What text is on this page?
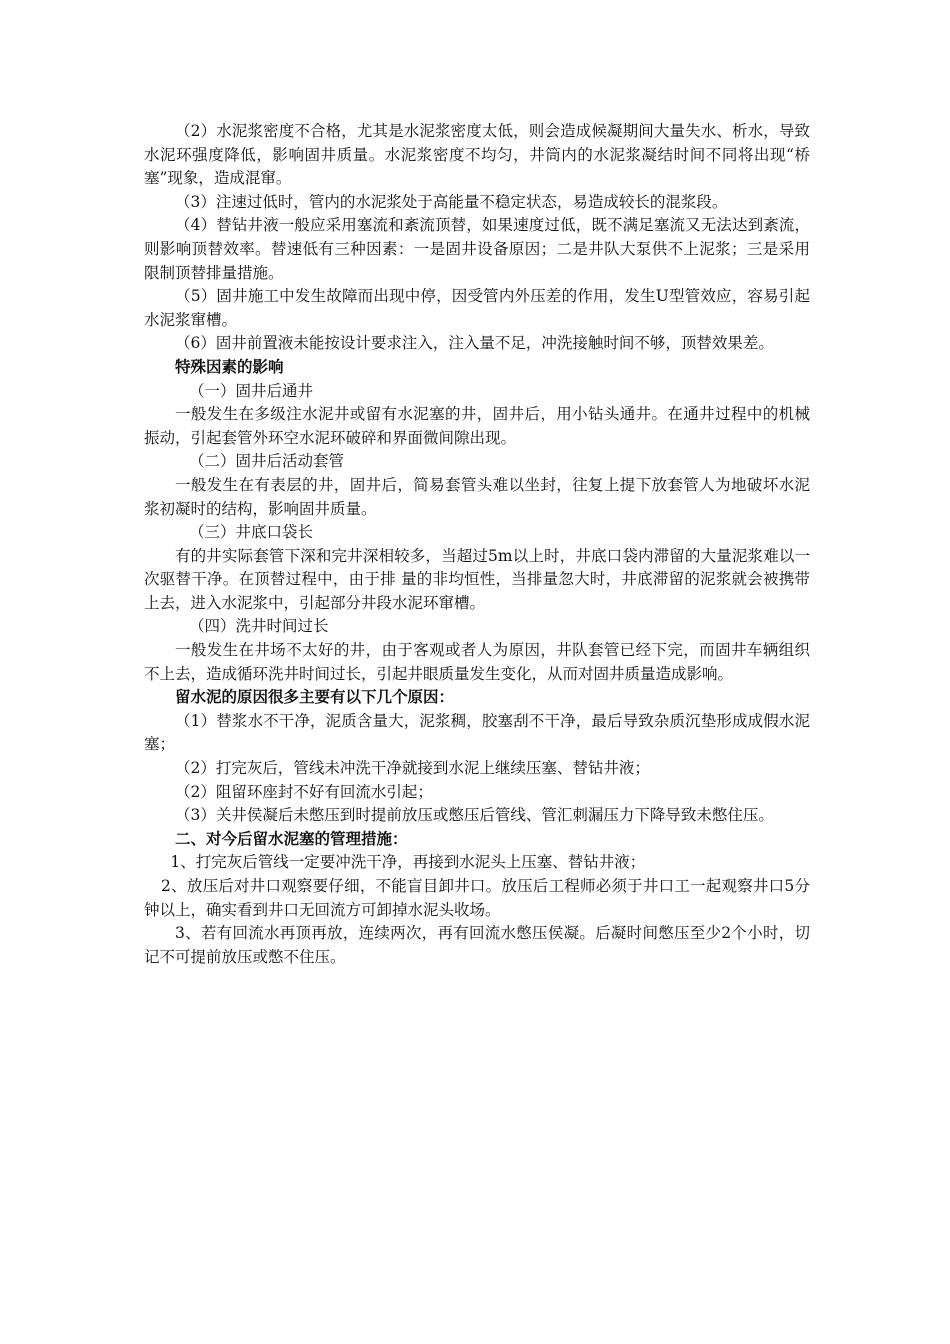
（2）水泥浆密度不合格，尤其是水泥浆密度太低，则会造成候凝期间大量失水、析水，导致水泥环强度降低，影响固井质量。水泥浆密度不均匀，井筒内的水泥浆凝结时间不同将出现“桥塞”现象，造成混窜。

（3）注速过低时，管内的水泥浆处于高能量不稳定状态，易造成较长的混浆段。

（4）替钻井液一般应采用塞流和紊流顶替，如果速度过低，既不满足塞流又无法达到紊流，则影响顶替效率。替速低有三种因素：一是固井设备原因；二是井队大泵供不上泥浆；三是采用限制顶替排量措施。

（5）固井施工中发生故障而出现中停，因受管内外压差的作用，发生U型管效应，容易引起水泥浆窜槽。

（6）固井前置液未能按设计要求注入，注入量不足，冲洗接触时间不够，顶替效果差。

特殊因素的影响

（一）固井后通井

一般发生在多级注水泥井或留有水泥塞的井，固井后，用小钻头通井。在通井过程中的机械振动，引起套管外环空水泥环破碎和界面微间隙出现。

（二）固井后活动套管

一般发生在有表层的井，固井后，简易套管头难以坐封，往复上提下放套管人为地破坏水泥浆初凝时的结构，影响固井质量。

（三）井底口袋长

有的井实际套管下深和完井深相较多，当超过5m以上时，井底口袋内滞留的大量泥浆难以一次驱替干净。在顶替过程中，由于排 量的非均恒性，当排量忽大时，井底滞留的泥浆就会被携带上去，进入水泥浆中，引起部分井段水泥环窜槽。

（四）洗井时间过长

一般发生在井场不太好的井，由于客观或者人为原因，井队套管已经下完，而固井车辆组织不上去，造成循环洗井时间过长，引起井眼质量发生变化，从而对固井质量造成影响。

留水泥的原因很多主要有以下几个原因：

（1）替浆水不干净，泥质含量大，泥浆稠，胶塞刮不干净，最后导致杂质沉垫形成成假水泥塞；

（2）打完灰后，管线未冲洗干净就接到水泥上继续压塞、替钻井液；

（2）阻留环座封不好有回流水引起；

（3）关井侯凝后未憋压到时提前放压或憋压后管线、管汇刺漏压力下降导致未憋住压。

二、对今后留水泥塞的管理措施：

1、打完灰后管线一定要冲洗干净，再接到水泥头上压塞、替钻井液；

2、放压后对井口观察要仔细，不能盲目卸井口。放压后工程师必须于井口工一起观察井口5分钟以上，确实看到井口无回流方可卸掉水泥头收场。

3、若有回流水再顶再放，连续两次，再有回流水憋压侯凝。后凝时间憋压至少2个小时，切记不可提前放压或憋不住压。
